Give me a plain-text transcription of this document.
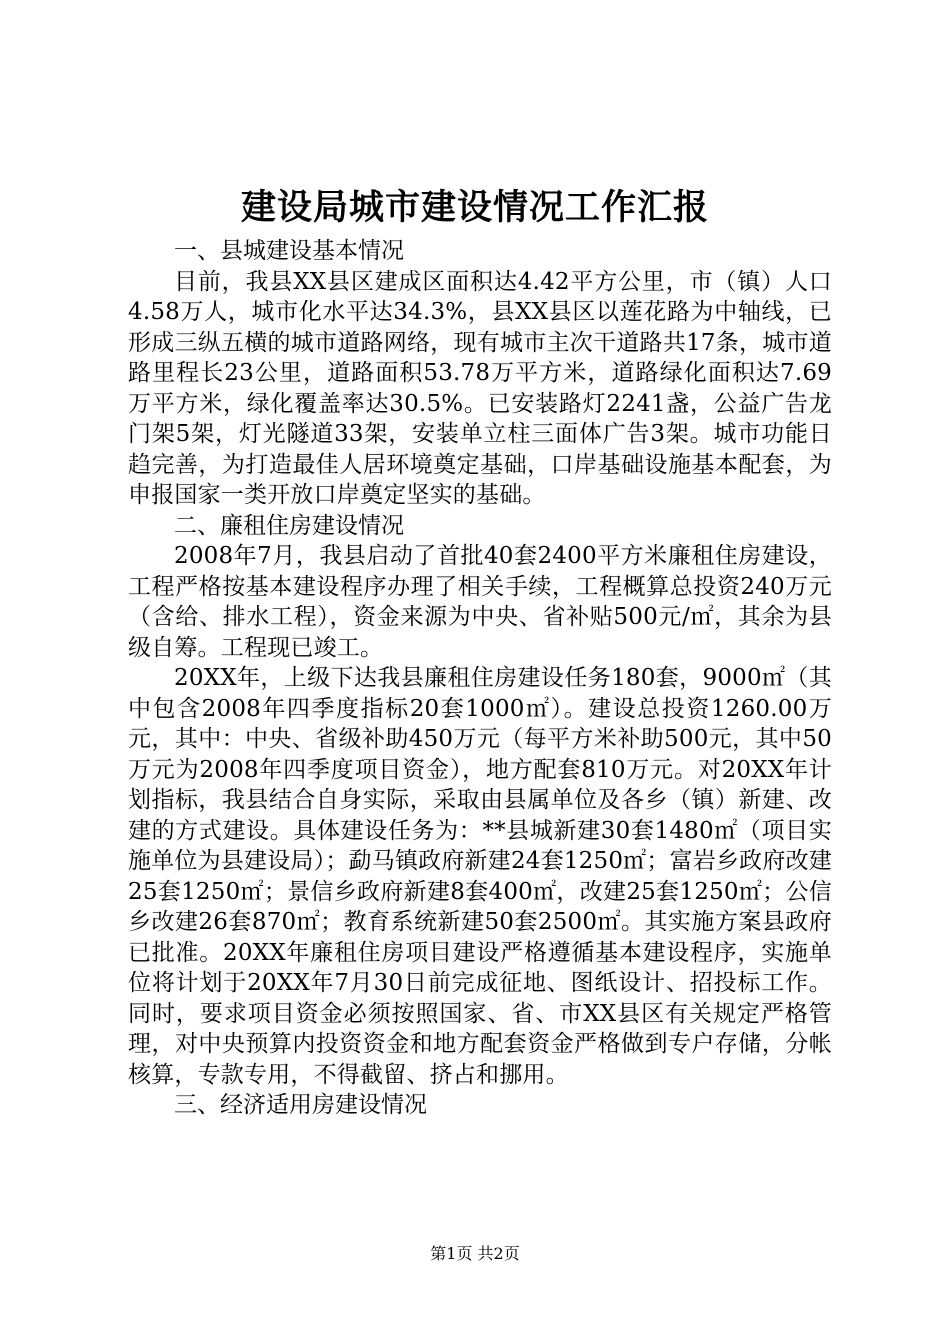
建设局城市建设情况工作汇报

一、县城建设基本情况

目前，我县XX县区建成区面积达4.42平方公里，市（镇）人口4.58万人，城市化水平达34.3%，县XX县区以莲花路为中轴线，已形成三纵五横的城市道路网络，现有城市主次干道路共17条，城市道路里程长23公里，道路面积53.78万平方米，道路绿化面积达7.69万平方米，绿化覆盖率达30.5%。已安装路灯2241盏，公益广告龙门架5架，灯光隧道33架，安装单立柱三面体广告3架。城市功能日趋完善，为打造最佳人居环境奠定基础，口岸基础设施基本配套，为申报国家一类开放口岸奠定坚实的基础。

二、廉租住房建设情况

2008年7月，我县启动了首批40套2400平方米廉租住房建设，工程严格按基本建设程序办理了相关手续，工程概算总投资240万元（含给、排水工程），资金来源为中央、省补贴500元/㎡，其余为县级自筹。工程现已竣工。

20XX年，上级下达我县廉租住房建设任务180套，9000㎡（其中包含2008年四季度指标20套1000㎡）。建设总投资1260.00万元，其中：中央、省级补助450万元（每平方米补助500元，其中50万元为2008年四季度项目资金），地方配套810万元。对20XX年计划指标，我县结合自身实际，采取由县属单位及各乡（镇）新建、改建的方式建设。具体建设任务为：**县城新建30套1480㎡（项目实施单位为县建设局）；勐马镇政府新建24套1250㎡；富岩乡政府改建25套1250㎡；景信乡政府新建8套400㎡，改建25套1250㎡；公信乡改建26套870㎡；教育系统新建50套2500㎡。其实施方案县政府已批准。20XX年廉租住房项目建设严格遵循基本建设程序，实施单位将计划于20XX年7月30日前完成征地、图纸设计、招投标工作。同时，要求项目资金必须按照国家、省、市XX县区有关规定严格管理，对中央预算内投资资金和地方配套资金严格做到专户存储，分帐核算，专款专用，不得截留、挤占和挪用。

三、经济适用房建设情况

第1页 共2页
